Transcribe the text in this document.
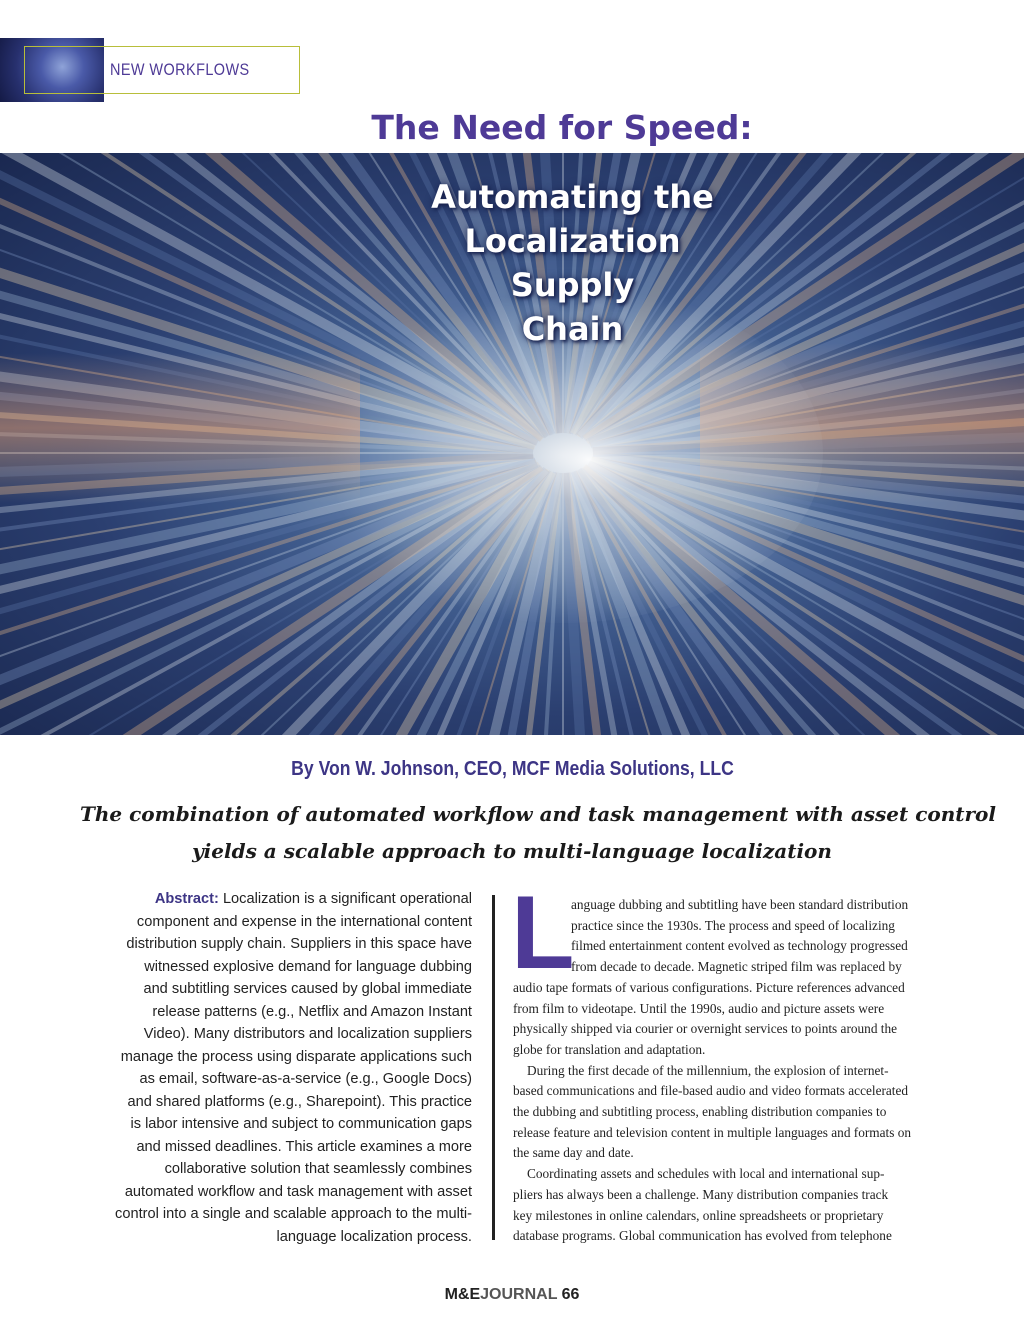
NEW WORKFLOWS
The Need for Speed:
Automating the
Localization
Supply
Chain
By Von W. Johnson, CEO, MCF Media Solutions, LLC
The combination of automated workflow and task management with asset control
yields a scalable approach to multi-language localization
Abstract: Localization is a significant operational
component and expense in the international content
distribution supply chain. Suppliers in this space have
witnessed explosive demand for language dubbing
and subtitling services caused by global immediate
release patterns (e.g., Netflix and Amazon Instant
Video). Many distributors and localization suppliers
manage the process using disparate applications such
as email, software-as-a-service (e.g., Google Docs)
and shared platforms (e.g., Sharepoint). This practice
is labor intensive and subject to communication gaps
and missed deadlines. This article examines a more
collaborative solution that seamlessly combines
automated workflow and task management with asset
control into a single and scalable approach to the multi-
language localization process.
L
anguage dubbing and subtitling have been standard distribution
practice since the 1930s. The process and speed of localizing
filmed entertainment content evolved as technology progressed
from decade to decade. Magnetic striped film was replaced by
audio tape formats of various configurations. Picture references advanced
from film to videotape. Until the 1990s, audio and picture assets were
physically shipped via courier or overnight services to points around the
globe for translation and adaptation.
During the first decade of the millennium, the explosion of internet-
based communications and file-based audio and video formats accelerated
the dubbing and subtitling process, enabling distribution companies to
release feature and television content in multiple languages and formats on
the same day and date.
Coordinating assets and schedules with local and international sup-
pliers has always been a challenge. Many distribution companies track
key milestones in online calendars, online spreadsheets or proprietary
database programs. Global communication has evolved from telephone
M&EJOURNAL 66
